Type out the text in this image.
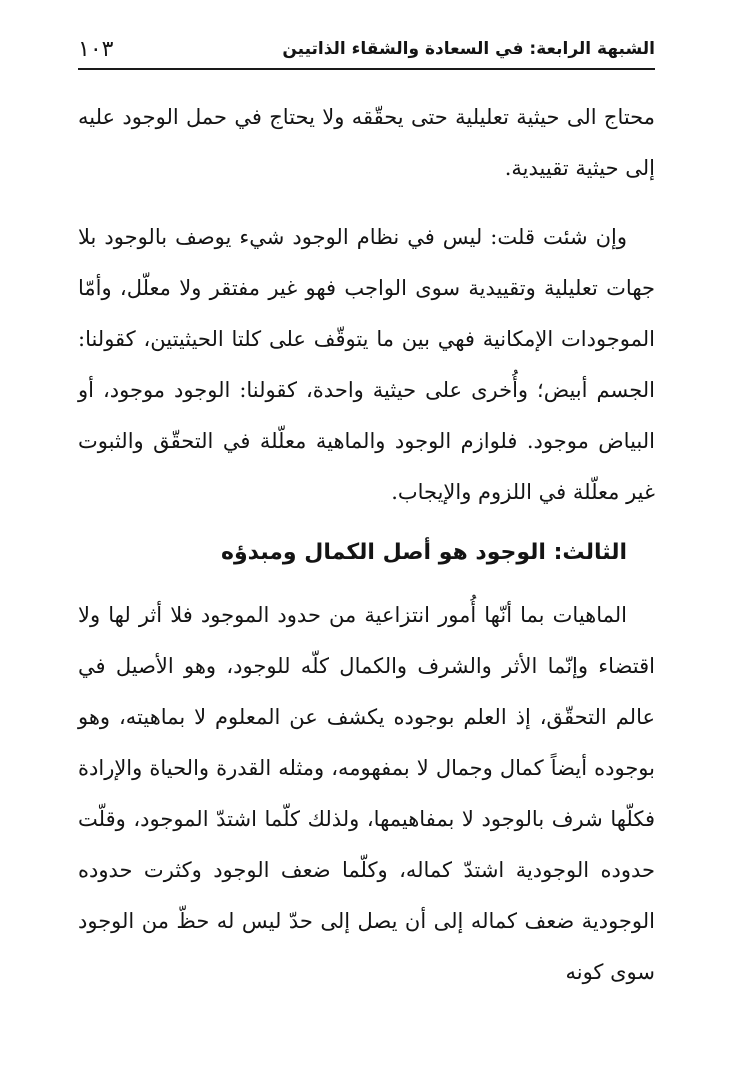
الشبهة الرابعة: في السعادة والشقاء الذاتيين
١٠٣

محتاج الى حيثية تعليلية حتى يحقّقه ولا يحتاج في حمل الوجود عليه إلى حيثية تقييدية.

وإن شئت قلت: ليس في نظام الوجود شيء يوصف بالوجود بلا جهات تعليلية وتقييدية سوى الواجب فهو غير مفتقر ولا معلّل، وأمّا الموجودات الإمكانية فهي بين ما يتوقّف على كلتا الحيثيتين، كقولنا: الجسم أبيض؛ وأُخرى على حيثية واحدة، كقولنا: الوجود موجود، أو البياض موجود. فلوازم الوجود والماهية معلّلة في التحقّق والثبوت غير معلّلة في اللزوم والإيجاب.

الثالث: الوجود هو أصل الكمال ومبدؤه

الماهيات بما أنّها أُمور انتزاعية من حدود الموجود فلا أثر لها ولا اقتضاء وإنّما الأثر والشرف والكمال كلّه للوجود، وهو الأصيل في عالم التحقّق، إذ العلم بوجوده يكشف عن المعلوم لا بماهيته، وهو بوجوده أيضاً كمال وجمال لا بمفهومه، ومثله القدرة والحياة والإرادة فكلّها شرف بالوجود لا بمفاهيمها، ولذلك كلّما اشتدّ الموجود، وقلّت حدوده الوجودية اشتدّ كماله، وكلّما ضعف الوجود وكثرت حدوده الوجودية ضعف كماله إلى أن يصل إلى حدّ ليس له حظّ من الوجود سوى كونه
